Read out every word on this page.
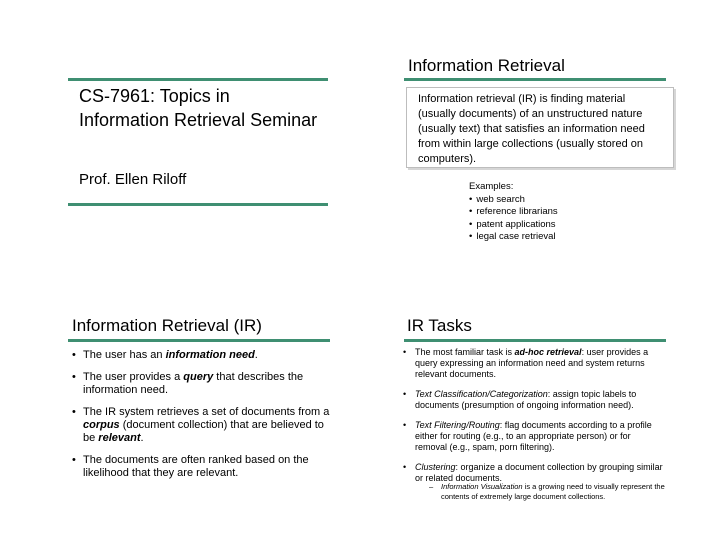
CS-7961: Topics in Information Retrieval Seminar
Prof. Ellen Riloff
Information Retrieval

Information retrieval (IR) is finding material (usually documents) of an unstructured nature (usually text) that satisfies an information need from within large collections (usually stored on computers).

Examples:
• web search
• reference librarians
• patent applications
• legal case retrieval
Information Retrieval (IR)
• The user has an information need.
• The user provides a query that describes the information need.
• The IR system retrieves a set of documents from a corpus (document collection) that are believed to be relevant.
• The documents are often ranked based on the likelihood that they are relevant.
IR Tasks
• The most familiar task is ad-hoc retrieval: user provides a query expressing an information need and system returns relevant documents.
• Text Classification/Categorization: assign topic labels to documents (presumption of ongoing information need).
• Text Filtering/Routing: flag documents according to a profile either for routing (e.g., to an appropriate person) or for removal (e.g., spam, porn filtering).
• Clustering: organize a document collection by grouping similar or related documents.
– Information Visualization is a growing need to visually represent the contents of extremely large document collections.
